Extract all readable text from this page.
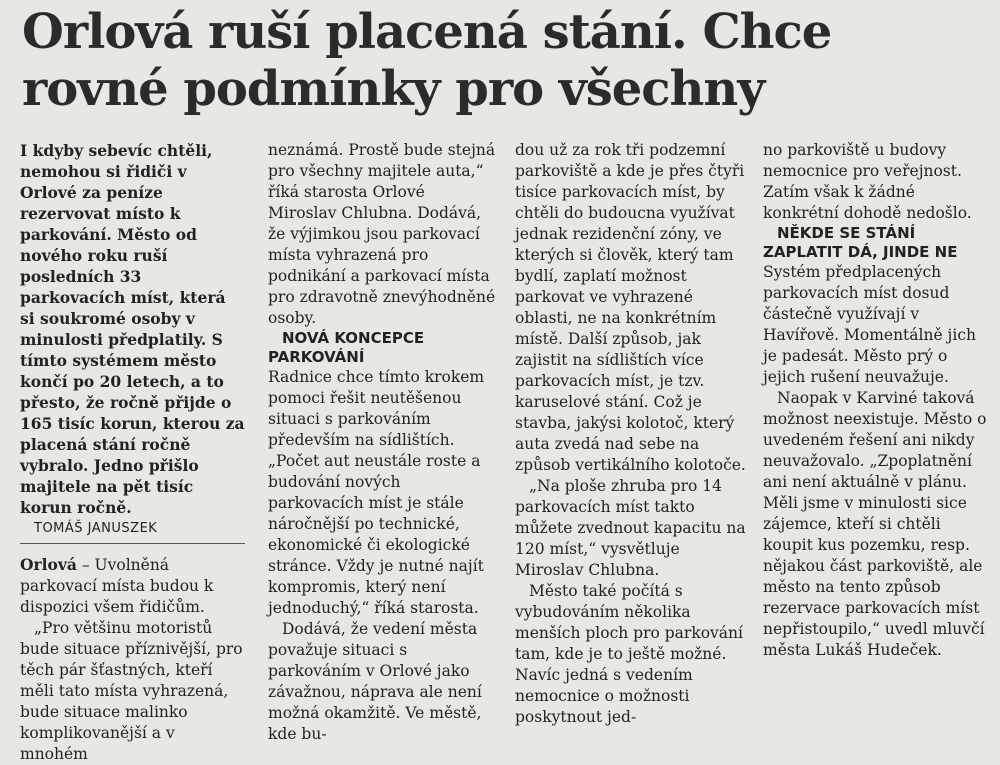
Orlová ruší placená stání. Chce rovné podmínky pro všechny

I kdyby sebevíc chtěli, nemohou si řidiči v Orlové za peníze rezervovat místo k parkování. Město od nového roku ruší posledních 33 parkovacích míst, která si soukromé osoby v minulosti předplatily. S tímto systémem město končí po 20 letech, a to přesto, že ročně přijde o 165 tisíc korun, kterou za placená stání ročně vybralo. Jedno přišlo majitele na pět tisíc korun ročně.

TOMÁŠ JANUSZEK

Orlová – Uvolněná parkovací místa budou k dispozici všem řidičům.

„Pro většinu motoristů bude situace příznivější, pro těch pár šťastných, kteří měli tato místa vyhrazená, bude situace malinko komplikovanější a v mnohém

neznámá. Prostě bude stejná pro všechny majitele auta,“ říká starosta Orlové Miroslav Chlubna. Dodává, že výjimkou jsou parkovací místa vyhrazená pro podnikání a parkovací místa pro zdravotně znevýhodněné osoby.

NOVÁ KONCEPCE PARKOVÁNÍ

Radnice chce tímto krokem pomoci řešit neutěšenou situaci s parkováním především na sídlištích. „Počet aut neustále roste a budování nových parkovacích míst je stále náročnější po technické, ekonomické či ekologické stránce. Vždy je nutné najít kompromis, který není jednoduchý,“ říká starosta.

Dodává, že vedení města považuje situaci s parkováním v Orlové jako závažnou, náprava ale není možná okamžitě. Ve městě, kde bu-

dou už za rok tři podzemní parkoviště a kde je přes čtyři tisíce parkovacích míst, by chtěli do budoucna využívat jednak rezidenční zóny, ve kterých si člověk, který tam bydlí, zaplatí možnost parkovat ve vyhrazené oblasti, ne na konkrétním místě. Další způsob, jak zajistit na sídlištích více parkovacích míst, je tzv. karuselové stání. Což je stavba, jakýsi kolotoč, který auta zvedá nad sebe na způsob vertikálního kolotoče.

„Na ploše zhruba pro 14 parkovacích míst takto můžete zvednout kapacitu na 120 míst,“ vysvětluje Miroslav Chlubna.

Město také počítá s vybudováním několika menších ploch pro parkování tam, kde je to ještě možné. Navíc jedná s vedením nemocnice o možnosti poskytnout jed-

no parkoviště u budovy nemocnice pro veřejnost. Zatím však k žádné konkrétní dohodě nedošlo.

NĚKDE SE STÁNÍ ZAPLATIT DÁ, JINDE NE

Systém předplacených parkovacích míst dosud částečně využívají v Havířově. Momentálně jich je padesát. Město prý o jejich rušení neuvažuje.

Naopak v Karviné taková možnost neexistuje. Město o uvedeném řešení ani nikdy neuvažovalo. „Zpoplatnění ani není aktuálně v plánu. Měli jsme v minulosti sice zájemce, kteří si chtěli koupit kus pozemku, resp. nějakou část parkoviště, ale město na tento způsob rezervace parkovacích míst nepřistoupilo,“ uvedl mluvčí města Lukáš Hudeček.
